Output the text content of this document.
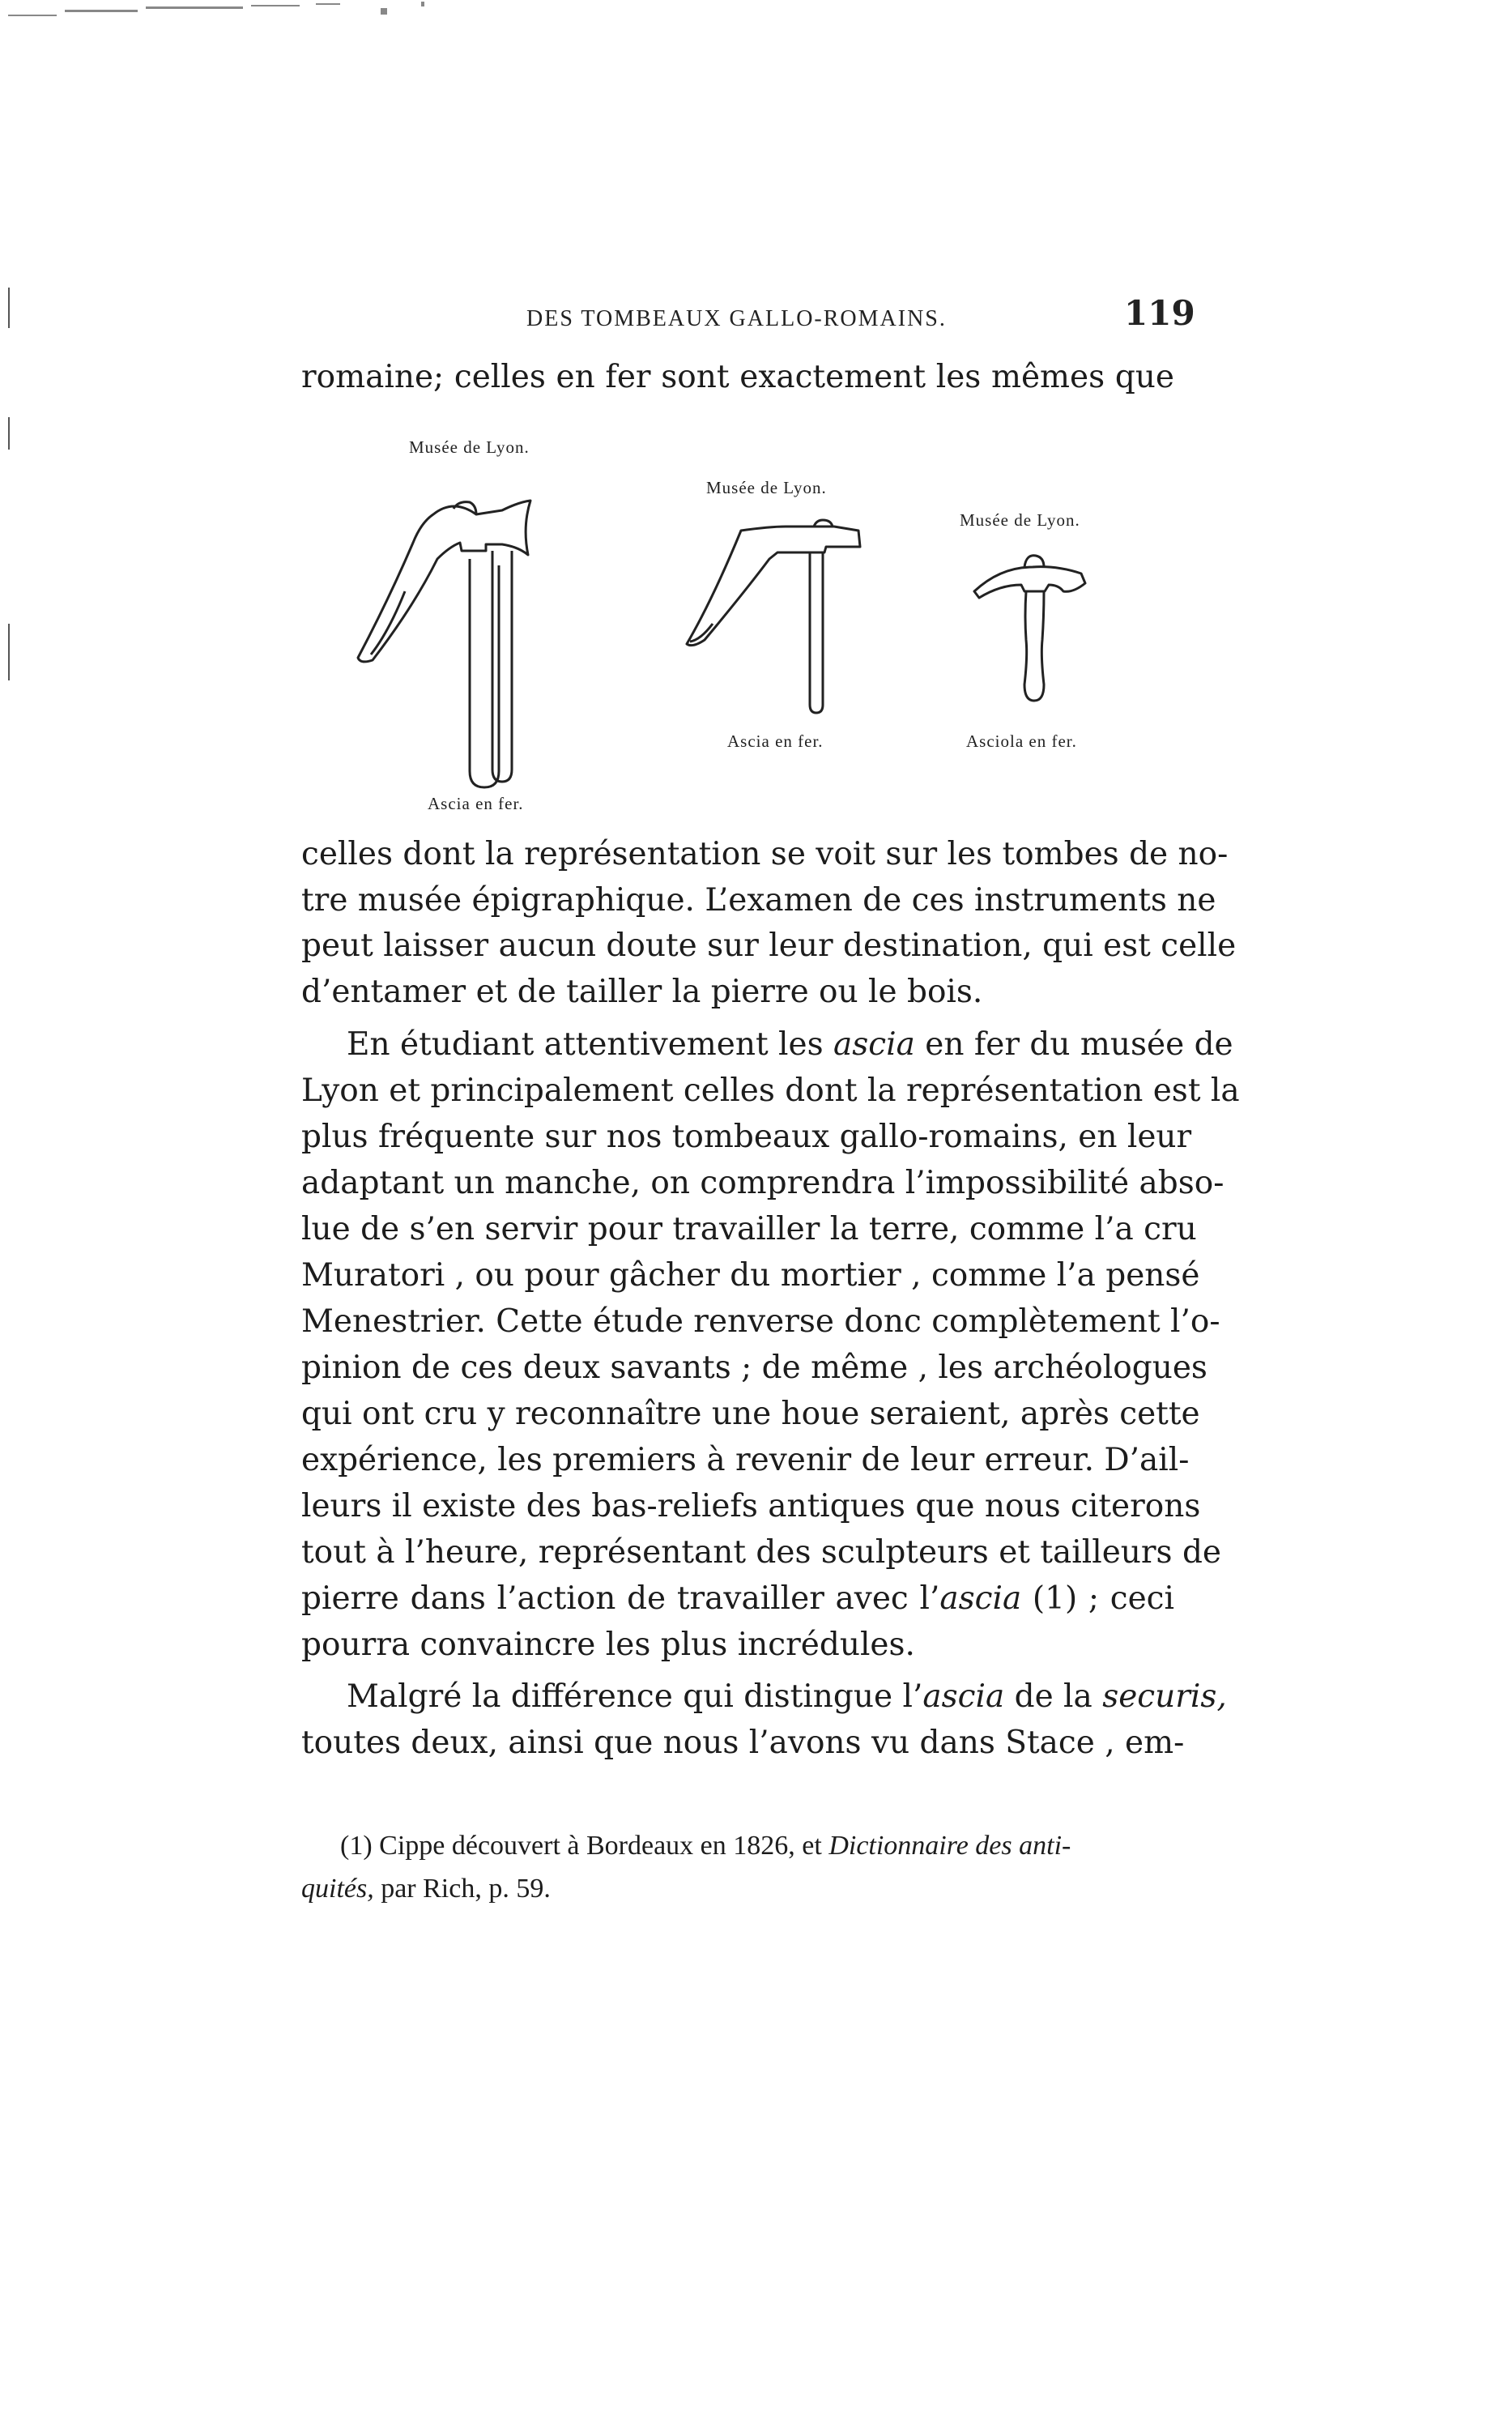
DES TOMBEAUX GALLO-ROMAINS.	119
romaine; celles en fer sont exactement les mêmes que
Musée de Lyon.
Ascia en fer.
Musée de Lyon.
Ascia en fer.
Musée de Lyon.
Asciola en fer.
celles dont la représentation se voit sur les tombes de no-
tre musée épigraphique. L’examen de ces instruments ne
peut laisser aucun doute sur leur destination, qui est celle
d’entamer et de tailler la pierre ou le bois.
En étudiant attentivement les ascia en fer du musée de
Lyon et principalement celles dont la représentation est la
plus fréquente sur nos tombeaux gallo-romains, en leur
adaptant un manche, on comprendra l’impossibilité abso-
lue de s’en servir pour travailler la terre, comme l’a cru
Muratori , ou pour gâcher du mortier , comme l’a pensé
Menestrier. Cette étude renverse donc complètement l’o-
pinion de ces deux savants ; de même , les archéologues
qui ont cru y reconnaître une houe seraient, après cette
expérience, les premiers à revenir de leur erreur. D’ail-
leurs il existe des bas-reliefs antiques que nous citerons
tout à l’heure, représentant des sculpteurs et tailleurs de
pierre dans l’action de travailler avec l’ascia (1) ; ceci
pourra convaincre les plus incrédules.
Malgré la différence qui distingue l’ascia de la securis,
toutes deux, ainsi que nous l’avons vu dans Stace , em-
(1) Cippe découvert à Bordeaux en 1826, et Dictionnaire des anti-
quités, par Rich, p. 59.
